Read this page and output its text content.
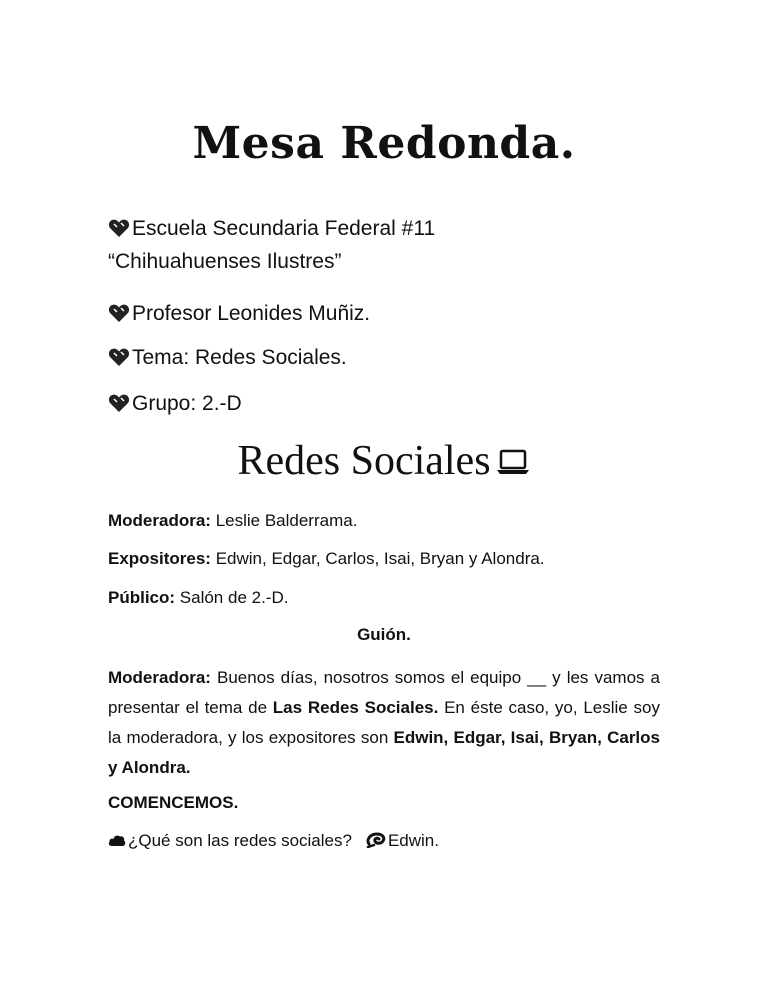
Mesa Redonda.
Escuela Secundaria Federal #11
“Chihuahuenses Ilustres”
Profesor Leonides Muñiz.
Tema: Redes Sociales.
Grupo: 2.-D
Redes Sociales
Moderadora: Leslie Balderrama.
Expositores: Edwin, Edgar, Carlos, Isai, Bryan y Alondra.
Público: Salón de 2.-D.
Guión.
Moderadora: Buenos días, nosotros somos el equipo __ y les vamos a presentar el tema de Las Redes Sociales. En éste caso, yo, Leslie soy la moderadora, y los expositores son Edwin, Edgar, Isai, Bryan, Carlos y Alondra.
COMENCEMOS.
¿Qué son las redes sociales? Edwin.
